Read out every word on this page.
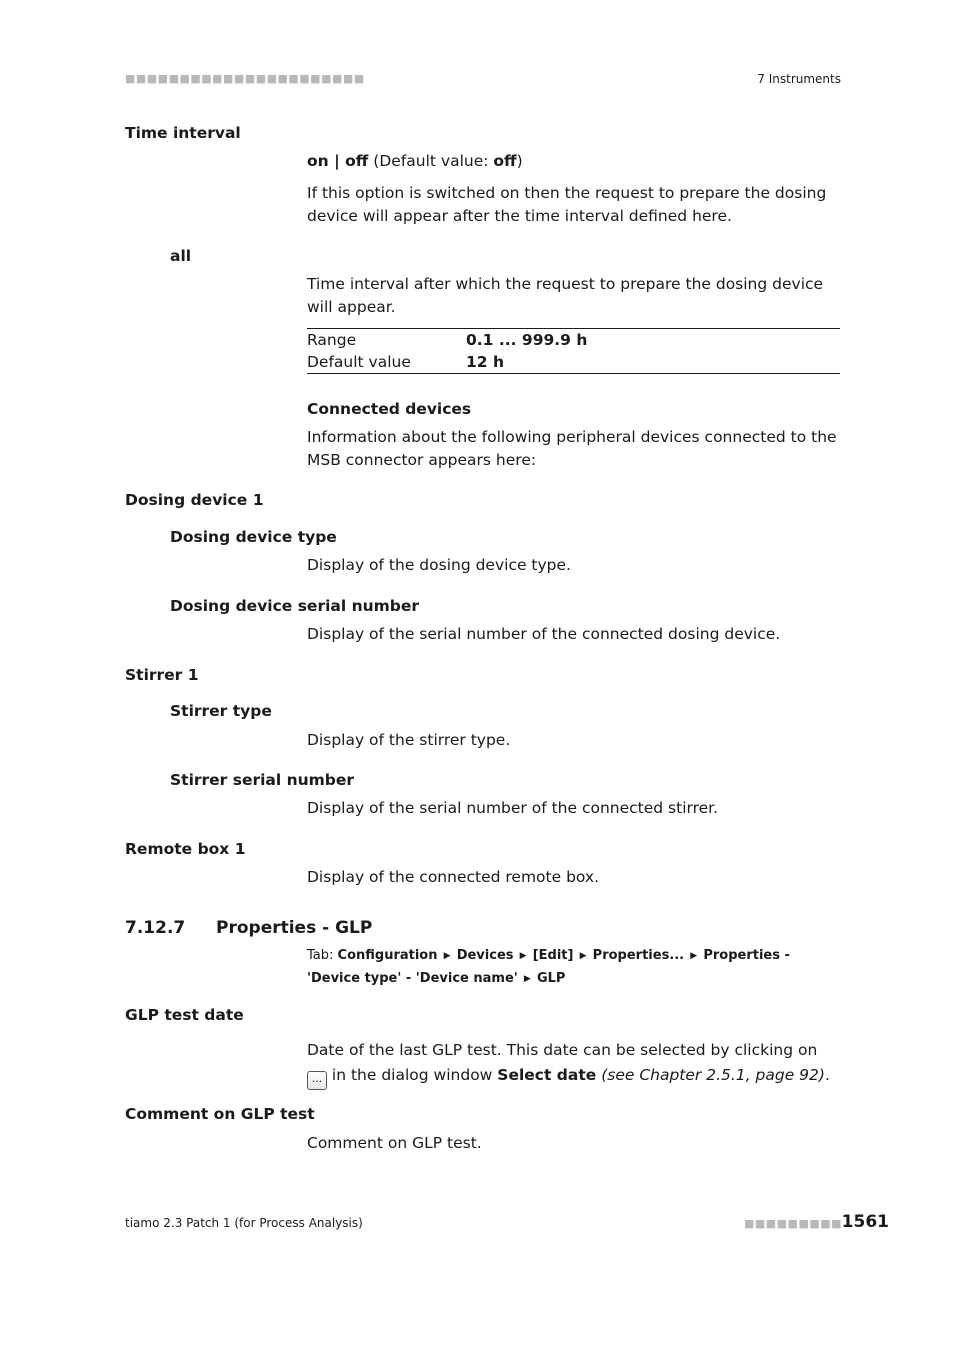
■■■■■■■■■■■■■■■■■■■■■■	7 Instruments
Time interval
on | off (Default value: off)
If this option is switched on then the request to prepare the dosing device will appear after the time interval defined here.
all
Time interval after which the request to prepare the dosing device will appear.
Range	0.1 ... 999.9 h
Default value	12 h
Connected devices
Information about the following peripheral devices connected to the MSB connector appears here:
Dosing device 1
Dosing device type
Display of the dosing device type.
Dosing device serial number
Display of the serial number of the connected dosing device.
Stirrer 1
Stirrer type
Display of the stirrer type.
Stirrer serial number
Display of the serial number of the connected stirrer.
Remote box 1
Display of the connected remote box.
7.12.7 Properties - GLP
Tab: Configuration ▶ Devices ▶ [Edit] ▶ Properties... ▶ Properties - 'Device type' - 'Device name' ▶ GLP
GLP test date
Date of the last GLP test. This date can be selected by clicking on ... in the dialog window Select date (see Chapter 2.5.1, page 92).
Comment on GLP test
Comment on GLP test.
tiamo 2.3 Patch 1 (for Process Analysis)	■■■■■■■■■ 1561
